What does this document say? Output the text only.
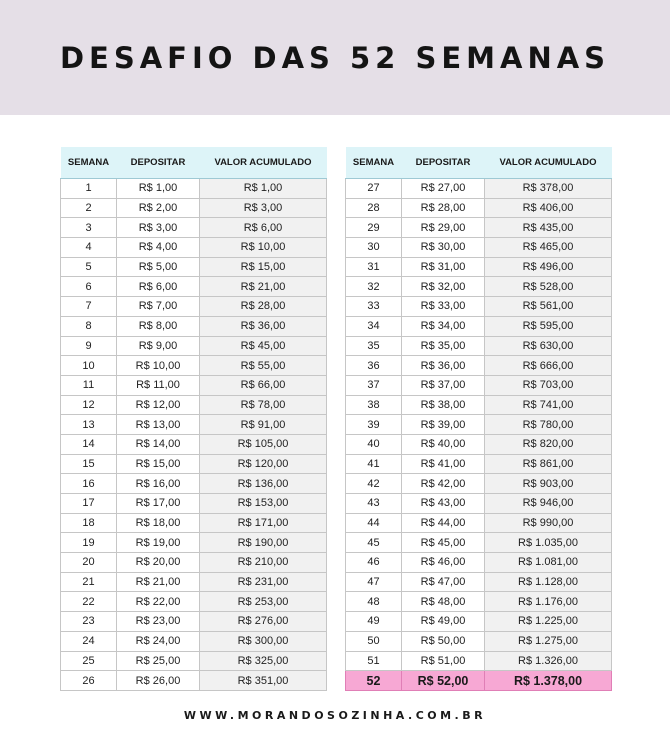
DESAFIO DAS 52 SEMANAS
SEMANA	DEPOSITAR	VALOR ACUMULADO
1	R$ 1,00	R$ 1,00
2	R$ 2,00	R$ 3,00
3	R$ 3,00	R$ 6,00
4	R$ 4,00	R$ 10,00
5	R$ 5,00	R$ 15,00
6	R$ 6,00	R$ 21,00
7	R$ 7,00	R$ 28,00
8	R$ 8,00	R$ 36,00
9	R$ 9,00	R$ 45,00
10	R$ 10,00	R$ 55,00
11	R$ 11,00	R$ 66,00
12	R$ 12,00	R$ 78,00
13	R$ 13,00	R$ 91,00
14	R$ 14,00	R$ 105,00
15	R$ 15,00	R$ 120,00
16	R$ 16,00	R$ 136,00
17	R$ 17,00	R$ 153,00
18	R$ 18,00	R$ 171,00
19	R$ 19,00	R$ 190,00
20	R$ 20,00	R$ 210,00
21	R$ 21,00	R$ 231,00
22	R$ 22,00	R$ 253,00
23	R$ 23,00	R$ 276,00
24	R$ 24,00	R$ 300,00
25	R$ 25,00	R$ 325,00
26	R$ 26,00	R$ 351,00
SEMANA	DEPOSITAR	VALOR ACUMULADO
27	R$ 27,00	R$ 378,00
28	R$ 28,00	R$ 406,00
29	R$ 29,00	R$ 435,00
30	R$ 30,00	R$ 465,00
31	R$ 31,00	R$ 496,00
32	R$ 32,00	R$ 528,00
33	R$ 33,00	R$ 561,00
34	R$ 34,00	R$ 595,00
35	R$ 35,00	R$ 630,00
36	R$ 36,00	R$ 666,00
37	R$ 37,00	R$ 703,00
38	R$ 38,00	R$ 741,00
39	R$ 39,00	R$ 780,00
40	R$ 40,00	R$ 820,00
41	R$ 41,00	R$ 861,00
42	R$ 42,00	R$ 903,00
43	R$ 43,00	R$ 946,00
44	R$ 44,00	R$ 990,00
45	R$ 45,00	R$ 1.035,00
46	R$ 46,00	R$ 1.081,00
47	R$ 47,00	R$ 1.128,00
48	R$ 48,00	R$ 1.176,00
49	R$ 49,00	R$ 1.225,00
50	R$ 50,00	R$ 1.275,00
51	R$ 51,00	R$ 1.326,00
52	R$ 52,00	R$ 1.378,00
WWW.MORANDOSOZINHA.COM.BR
